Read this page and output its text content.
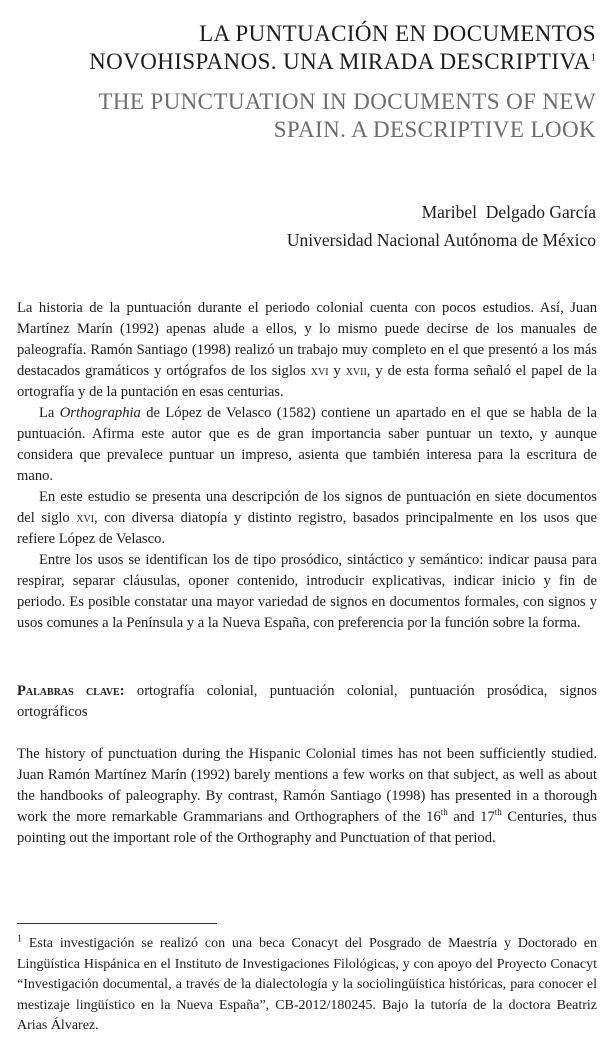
LA PUNTUACIÓN EN DOCUMENTOS
NOVOHISPANOS. UNA MIRADA DESCRIPTIVA$^1$
THE PUNCTUATION IN DOCUMENTS OF NEW
SPAIN. A DESCRIPTIVE LOOK
Maribel  Delgado García
Universidad Nacional Autónoma de México

La historia de la puntuación durante el periodo colonial cuenta con pocos estudios. Así, Juan Martínez Marín (1992) apenas alude a ellos, y lo mismo puede decirse de los manuales de paleografía. Ramón Santiago (1998) realizó un trabajo muy completo en el que presentó a los más destacados gramáticos y ortógrafos de los siglos xvi y xvii, y de esta forma señaló el papel de la ortografía y de la puntación en esas centurias.

La Orthographia de López de Velasco (1582) contiene un apartado en el que se habla de la puntuación. Afirma este autor que es de gran importancia saber puntuar un texto, y aunque considera que prevalece puntuar un impreso, asienta que también interesa para la escritura de mano.

En este estudio se presenta una descripción de los signos de puntuación en siete documentos del siglo xvi, con diversa diatopía y distinto registro, basados principalmente en los usos que refiere López de Velasco.

Entre los usos se identifican los de tipo prosódico, sintáctico y semántico: indicar pausa para respirar, separar cláusulas, oponer contenido, introducir explicativas, indicar inicio y fin de periodo. Es posible constatar una mayor variedad de signos en documentos formales, con signos y usos comunes a la Península y a la Nueva España, con preferencia por la función sobre la forma.

Palabras clave: ortografía colonial, puntuación colonial, puntuación prosódica, signos ortográficos

The history of punctuation during the Hispanic Colonial times has not been sufficiently studied. Juan Ramón Martínez Marín (1992) barely mentions a few works on that subject, as well as about the handbooks of paleography. By contrast, Ramón Santiago (1998) has presented in a thorough work the more remarkable Grammarians and Orthographers of the 16th and 17th Centuries, thus pointing out the important role of the Orthography and Punctuation of that period.

$^1$ Esta investigación se realizó con una beca Conacyt del Posgrado de Maestría y Doctorado en Lingüística Hispánica en el Instituto de Investigaciones Filológicas, y con apoyo del Proyecto Conacyt “Investigación documental, a través de la dialectología y la sociolingüística históricas, para conocer el mestizaje lingüístico en la Nueva España”, CB-2012/180245. Bajo la tutoría de la doctora Beatriz Arias Álvarez.
